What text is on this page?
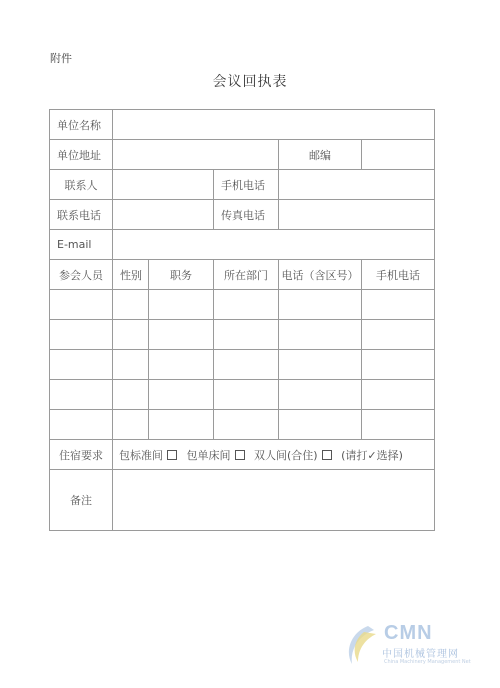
附件
会议回执表
单位名称					
单位地址				邮编	
联系人			手机电话		
联系电话			传真电话		
E-mail					
参会人员	性别	职务	所在部门	电话（含区号）	手机电话

住宿要求	包标准间 包单床间 双人间(合住) (请打✓选择)				
备注					
CMN
中国机械管理网
China Machinery Management Net
